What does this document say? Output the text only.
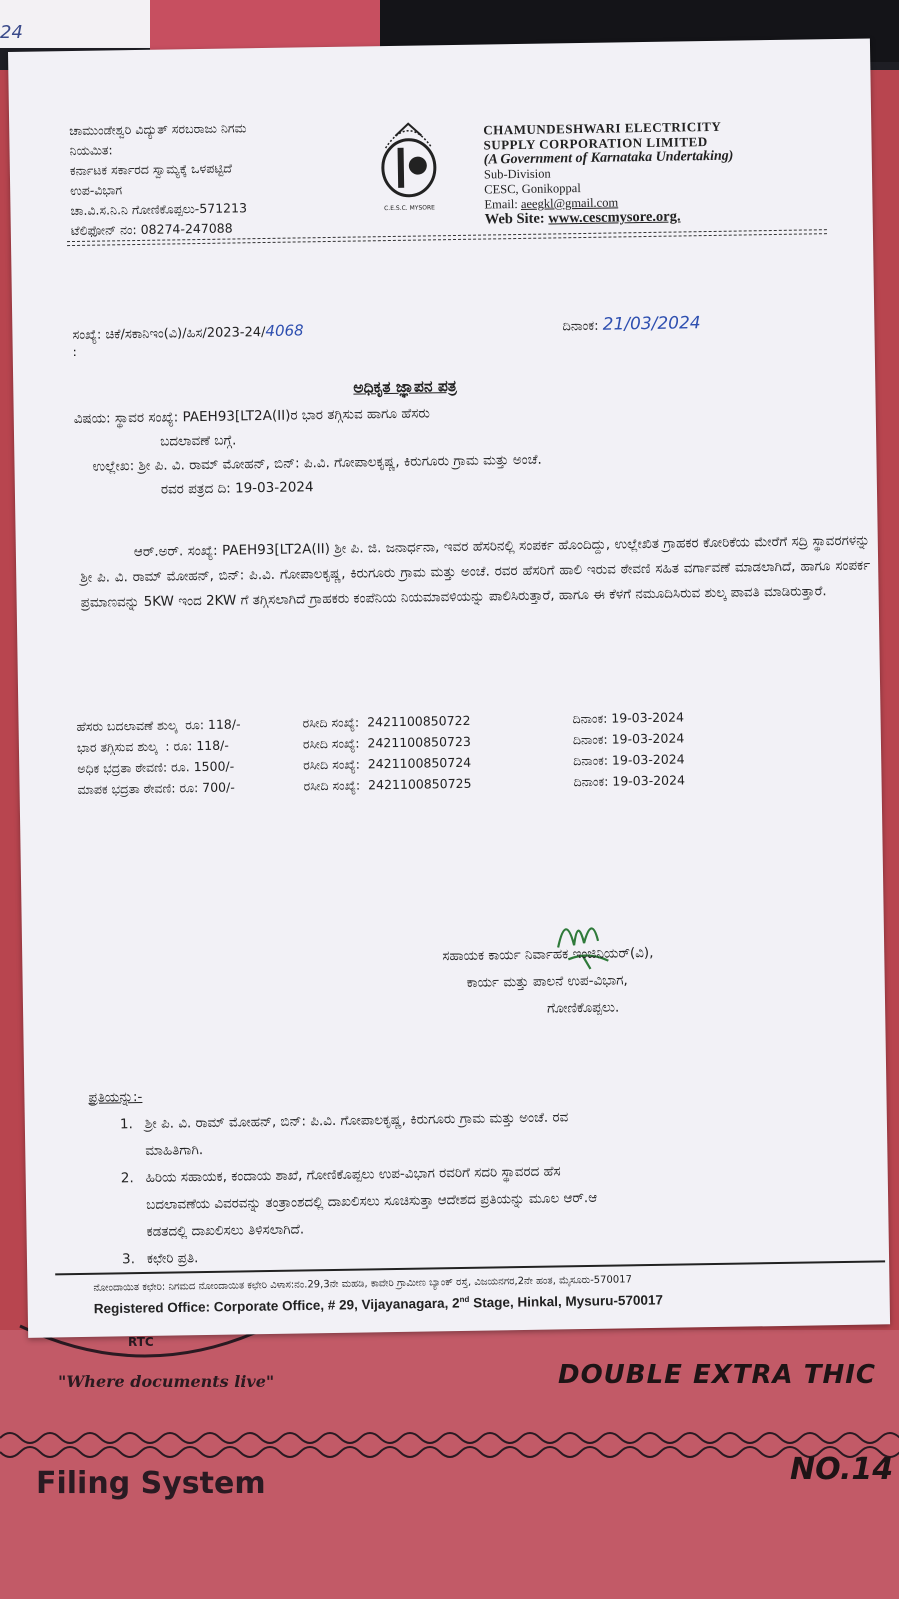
24
RTC
"Where documents live"	DOUBLE EXTRA THIC
Filing System	NO.14
ಚಾಮುಂಡೇಶ್ವರಿ ವಿದ್ಯುತ್ ಸರಬರಾಜು ನಿಗಮ
ನಿಯಮಿತ:
ಕರ್ನಾಟಕ ಸರ್ಕಾರದ ಸ್ವಾಮ್ಯಕ್ಕೆ ಒಳಪಟ್ಟಿದೆ
ಉಪ-ವಿಭಾಗ
ಚಾ.ವಿ.ಸ.ನಿ.ನಿ ಗೋಣಿಕೊಪ್ಪಲು-571213
ಟೆಲಿಫೋನ್ ನಂ: 08274-247088
C.E.S.C. MYSORE
CHAMUNDESHWARI ELECTRICITY
SUPPLY CORPORATION LIMITED
(A Government of Karnataka Undertaking)
Sub-Division
CESC, Gonikoppal
Email: aeegkl@gmail.com
Web Site: www.cescmysore.org.
ಸಂಖ್ಯೆ: ಚಿಕೆ/ಸಕಾನಿಇಂ(ವಿ)/ಹಿಸ/2023-24/4068	ದಿನಾಂಕ: 21/03/2024
:
ಅಧಿಕೃತ ಜ್ಞಾಪನ ಪತ್ರ
ವಿಷಯ: ಸ್ಥಾವರ ಸಂಖ್ಯೆ: PAEH93[LT2A(II)ರ ಭಾರ ತಗ್ಗಿಸುವ ಹಾಗೂ ಹೆಸರು
ಬದಲಾವಣೆ ಬಗ್ಗೆ.
ಉಲ್ಲೇಖ: ಶ್ರೀ ಪಿ. ವಿ. ರಾಮ್ ಮೋಹನ್, ಬಿನ್: ಪಿ.ವಿ. ಗೋಪಾಲಕೃಷ್ಣ, ಕಿರುಗೂರು ಗ್ರಾಮ ಮತ್ತು ಅಂಚೆ.
ರವರ ಪತ್ರದ ದಿ: 19-03-2024
ಆರ್.ಅರ್. ಸಂಖ್ಯೆ: PAEH93[LT2A(II) ಶ್ರೀ ಪಿ. ಜಿ. ಜನಾರ್ಧನಾ, ಇವರ ಹೆಸರಿನಲ್ಲಿ ಸಂಪರ್ಕ ಹೊಂದಿದ್ದು, ಉಲ್ಲೇಖಿತ ಗ್ರಾಹಕರ ಕೋರಿಕೆಯ ಮೇರೆಗೆ ಸದ್ರಿ ಸ್ಥಾವರಗಳನ್ನು ಶ್ರೀ ಪಿ. ವಿ. ರಾಮ್ ಮೋಹನ್, ಬಿನ್: ಪಿ.ವಿ. ಗೋಪಾಲಕೃಷ್ಣ, ಕಿರುಗೂರು ಗ್ರಾಮ ಮತ್ತು ಅಂಚೆ. ರವರ ಹೆಸರಿಗೆ ಹಾಲಿ ಇರುವ ಠೇವಣಿ ಸಹಿತ ವರ್ಗಾವಣೆ ಮಾಡಲಾಗಿದೆ, ಹಾಗೂ ಸಂಪರ್ಕ ಪ್ರಮಾಣವನ್ನು 5KW ಇಂದ 2KW ಗೆ ತಗ್ಗಿಸಲಾಗಿದೆ ಗ್ರಾಹಕರು ಕಂಪೆನಿಯ ನಿಯಮಾವಳಿಯನ್ನು ಪಾಲಿಸಿರುತ್ತಾರೆ, ಹಾಗೂ ಈ ಕೆಳಗೆ ನಮೂದಿಸಿರುವ ಶುಲ್ಕ ಪಾವತಿ ಮಾಡಿರುತ್ತಾರೆ.
ಹೆಸರು ಬದಲಾವಣೆ ಶುಲ್ಕ  ರೂ: 118/-	ರಸೀದಿ ಸಂಖ್ಯೆ:  2421100850722	ದಿನಾಂಕ: 19-03-2024
ಭಾರ ತಗ್ಗಿಸುವ ಶುಲ್ಕ  : ರೂ: 118/-	ರಸೀದಿ ಸಂಖ್ಯೆ:  2421100850723	ದಿನಾಂಕ: 19-03-2024
ಅಧಿಕ ಭದ್ರತಾ ಠೇವಣಿ: ರೂ. 1500/-	ರಸೀದಿ ಸಂಖ್ಯೆ:  2421100850724	ದಿನಾಂಕ: 19-03-2024
ಮಾಪಕ ಭದ್ರತಾ ಠೇವಣಿ: ರೂ: 700/-	ರಸೀದಿ ಸಂಖ್ಯೆ:  2421100850725	ದಿನಾಂಕ: 19-03-2024
ಸಹಾಯಕ ಕಾರ್ಯ ನಿರ್ವಾಹಕ ಇಂಜಿನಿಯರ್(ವಿ),
ಕಾರ್ಯ ಮತ್ತು ಪಾಲನೆ ಉಪ-ವಿಭಾಗ,
ಗೋಣಿಕೊಪ್ಪಲು.
ಪ್ರತಿಯನ್ನು:-
1. ಶ್ರೀ ಪಿ. ವಿ. ರಾಮ್ ಮೋಹನ್, ಬಿನ್: ಪಿ.ವಿ. ಗೋಪಾಲಕೃಷ್ಣ, ಕಿರುಗೂರು ಗ್ರಾಮ ಮತ್ತು ಅಂಚೆ. ರವ
ಮಾಹಿತಿಗಾಗಿ.
2. ಹಿರಿಯ ಸಹಾಯಕ, ಕಂದಾಯ ಶಾಖೆ, ಗೋಣಿಕೊಪ್ಪಲು ಉಪ-ವಿಭಾಗ ರವರಿಗೆ ಸದರಿ ಸ್ಥಾವರದ ಹೆಸ
ಬದಲಾವಣೆಯ ವಿವರವನ್ನು ತಂತ್ರಾಂಶದಲ್ಲಿ ದಾಖಲಿಸಲು ಸೂಚಿಸುತ್ತಾ ಆದೇಶದ ಪ್ರತಿಯನ್ನು ಮೂಲ ಆರ್.ಆ
ಕಡತದಲ್ಲಿ ದಾಖಲಿಸಲು ತಿಳಿಸಲಾಗಿದೆ.
3. ಕಛೇರಿ ಪ್ರತಿ.
ನೋಂದಾಯಿತ ಕಛೇರಿ: ನಿಗಮದ ನೋಂದಾಯಿತ ಕಛೇರಿ ವಿಳಾಸ:ನಂ.29,3ನೇ ಮಹಡಿ, ಕಾವೇರಿ ಗ್ರಾಮೀಣ ಬ್ಯಾಂಕ್ ರಸ್ತೆ, ವಿಜಯನಗರ,2ನೇ ಹಂತ, ಮೈಸೂರು-570017
Registered Office: Corporate Office, # 29, Vijayanagara, 2nd Stage, Hinkal, Mysuru-570017
